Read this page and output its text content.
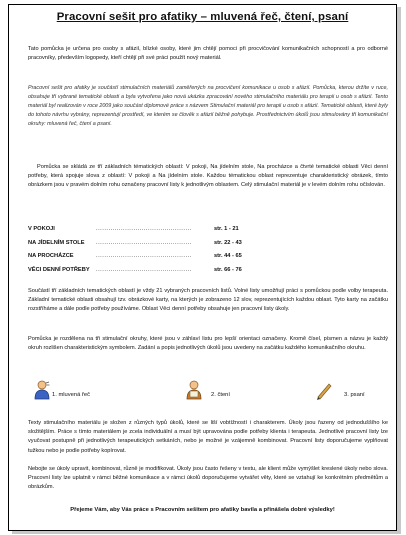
Pracovní sešit pro afatiky – mluvená řeč, čtení, psaní

Tato pomůcka je určena pro osoby s afázií, blízké osoby, které jim chtějí pomoci při procvičování komunikačních schopností a pro odborné pracovníky, především logopedy, kteří chtějí při své práci použít nový materiál.

Pracovní sešit pro afatiky je součástí stimulačních materiálů zaměřených na procvičení komunikace u osob s afázií. Pomůcka, kterou držíte v ruce, obsahuje tři vybrané tematické oblasti a byla vytvořena jako nová ukázka zpracování nového stimulačního materiálu pro terapii u osob s afázií. Tento materiál byl realizován v roce 2009 jako součást diplomové práce s názvem Stimulační materiál pro terapii u osob s afázií. Tematické oblasti, které byly do tohoto návrhu vybrány, reprezentují prostředí, ve kterém se člověk s afázií běžně pohybuje. Prostřednictvím úkolů jsou stimulovány tři komunikační okruhy: mluvená řeč, čtení a psaní.

Pomůcka se skládá ze tří základních tématických oblastí: V pokoji, Na jídelním stole, Na procházce a čtvrté tematické oblasti Věci denní potřeby, která spojuje slova z oblastí: V pokoji a Na jídelním stole. Každou tématickou oblast reprezentuje charakteristický obrázek, tímto obrázkem jsou v pravém dolním rohu označeny pracovní listy k jednotlivým oblastem. Celý stimulační materiál je v levém dolním rohu očíslován.

V POKOJI	..............................................	str. 1 - 21
NA JÍDELNÍM STOLE ..............................................	str. 22 - 43
NA PROCHÁZCE	..............................................	str. 44 - 65
VĚCI DENNÍ POTŘEBY ..............................................	str. 66 - 76

Součástí tří základních tematických oblastí je vždy 21 vybraných pracovních listů. Volné listy umožňují práci s pomůckou podle volby terapeuta. Základní tematické oblasti obsahují tzv. obrázkové karty, na kterých je zobrazeno 12 slov, reprezentujících každou oblast. Tyto karty na začátku rozstříháme a dále podle potřeby používáme. Oblast Věci denní potřeby obsahuje jen pracovní listy úkoly.

Pomůcka je rozdělena na tři stimulační okruhy, které jsou v záhlaví listu pro lepší orientaci označeny. Kromě čísel, písmen a názvu je každý okruh rozlišen charakteristickým symbolem. Zadání a popis jednotlivých úkolů jsou uvedeny na začátku každého komunikačního okruhu.

1. mluvená řeč	2. čtení	3. psaní

Texty stimulačního materiálu je složen z různých typů úkolů, které se liší vobtížností i charakterem. Úkoly jsou řazeny od jednoduššího ke složitějším. Práce s tímto materiálem je zcela individuální a musí být upravována podle potřeby klienta i terapeuta. Jednotlivé pracovní listy lze vyučovat postupně při jednotlivých terapeutických setkáních, nebo je možné je vzájemně kombinovat. Pracovní listy doporučujeme vyplňovat tužkou nebo je podle potřeby kopírovat.

Nebojte se úkoly upravit, kombinovat, různě je modifikovat. Úkoly jsou často řešeny v textu, ale klient může vymýšlet kreslené úkoly nebo slova. Pracovní listy lze uplatnit v rámci běžné komunikace a v rámci úkolů doporučujeme vytvářet věty, které se vztahují ke konkrétním předmětům a obrázkům.

Přejeme Vám, aby Vás práce s Pracovním sešitem pro afatiky bavila a přinášela dobré výsledky!
